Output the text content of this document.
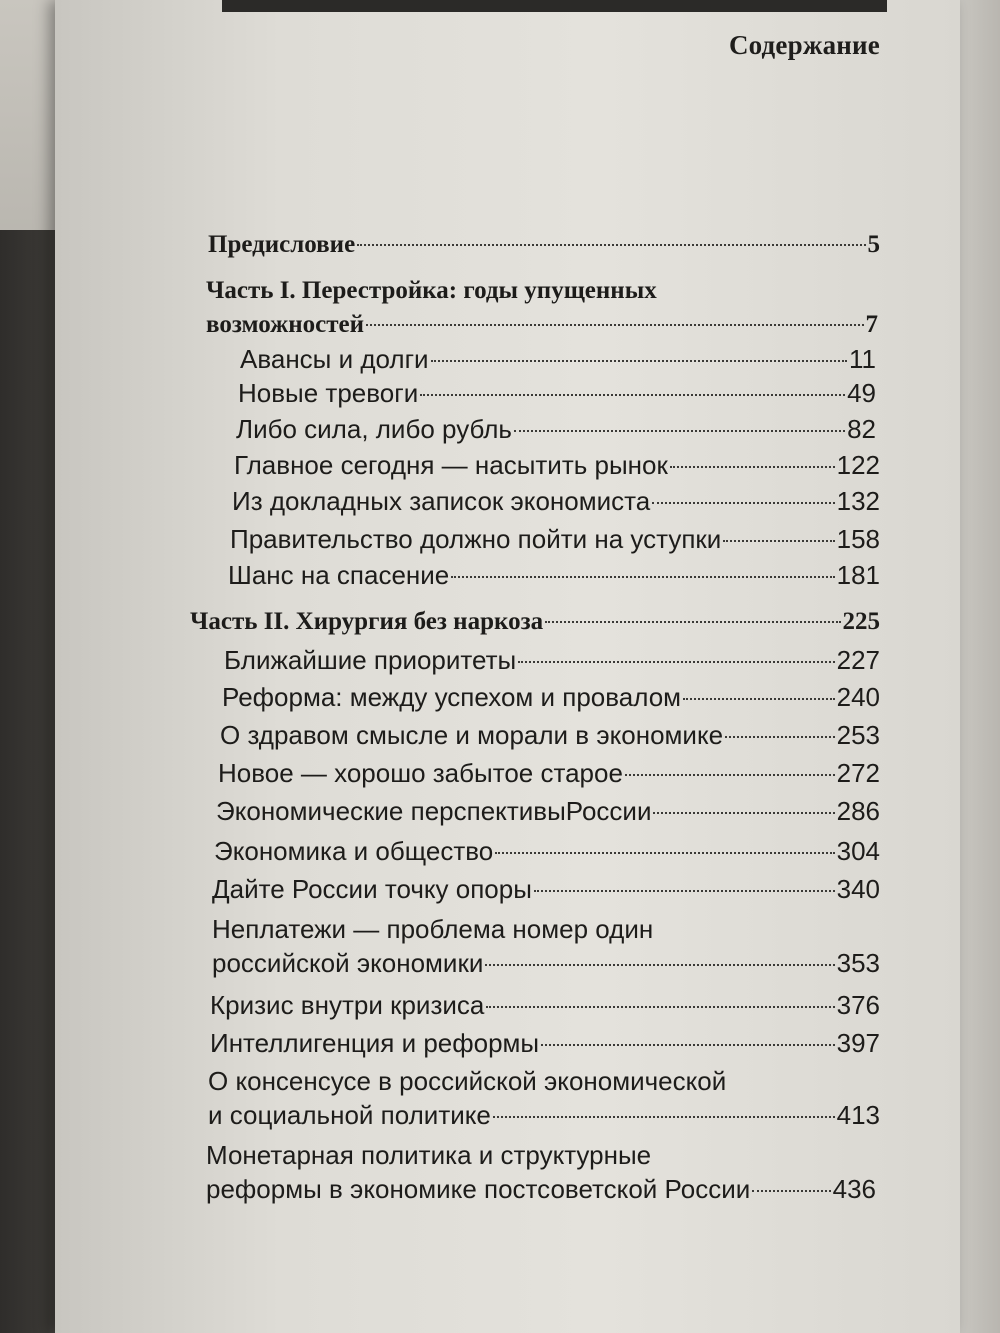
Содержание
Предисловие	5
Часть I. Перестройка: годы упущенных
возможностей	7
Авансы и долги	11
Новые тревоги	49
Либо сила, либо рубль	82
Главное сегодня — насытить рынок	122
Из докладных записок экономиста	132
Правительство должно пойти на уступки	158
Шанс на спасение	181
Часть II. Хирургия без наркоза	225
Ближайшие приоритеты	227
Реформа: между успехом и провалом	240
О здравом смысле и морали в экономике	253
Новое — хорошо забытое старое	272
Экономические перспективыРоссии	286
Экономика и общество	304
Дайте России точку опоры	340
Неплатежи — проблема номер один
российской экономики	353
Кризис внутри кризиса	376
Интеллигенция и реформы	397
О консенсусе в российской экономической
и социальной политике	413
Монетарная политика и структурные
реформы в экономике постсоветской России	436
